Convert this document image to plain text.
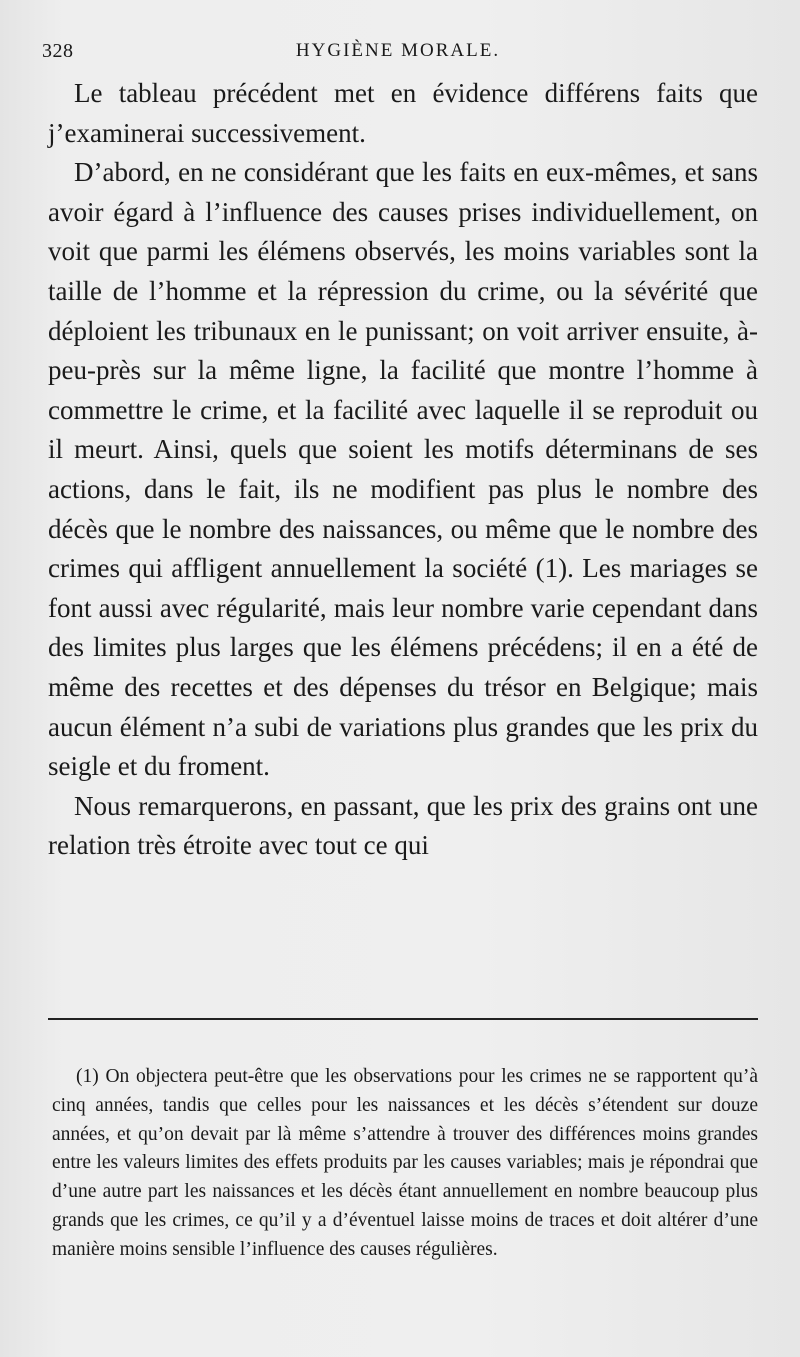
328	HYGIÈNE MORALE.

Le tableau précédent met en évidence différens faits que j’examinerai successivement.

D’abord, en ne considérant que les faits en eux-mêmes, et sans avoir égard à l’influence des causes prises individuellement, on voit que parmi les élémens observés, les moins variables sont la taille de l’homme et la répression du crime, ou la sévérité que déploient les tribunaux en le punissant; on voit arriver ensuite, à-peu-près sur la même ligne, la facilité que montre l’homme à commettre le crime, et la facilité avec laquelle il se reproduit ou il meurt. Ainsi, quels que soient les motifs déterminans de ses actions, dans le fait, ils ne modifient pas plus le nombre des décès que le nombre des naissances, ou même que le nombre des crimes qui affligent annuellement la société (1). Les mariages se font aussi avec régularité, mais leur nombre varie cependant dans des limites plus larges que les élémens précédens; il en a été de même des recettes et des dépenses du trésor en Belgique; mais aucun élément n’a subi de variations plus grandes que les prix du seigle et du froment.

Nous remarquerons, en passant, que les prix des grains ont une relation très étroite avec tout ce qui

(1) On objectera peut-être que les observations pour les crimes ne se rapportent qu’à cinq années, tandis que celles pour les naissances et les décès s’étendent sur douze années, et qu’on devait par là même s’attendre à trouver des différences moins grandes entre les valeurs limites des effets produits par les causes variables; mais je répondrai que d’une autre part les naissances et les décès étant annuellement en nombre beaucoup plus grands que les crimes, ce qu’il y a d’éventuel laisse moins de traces et doit altérer d’une manière moins sensible l’influence des causes régulières.
